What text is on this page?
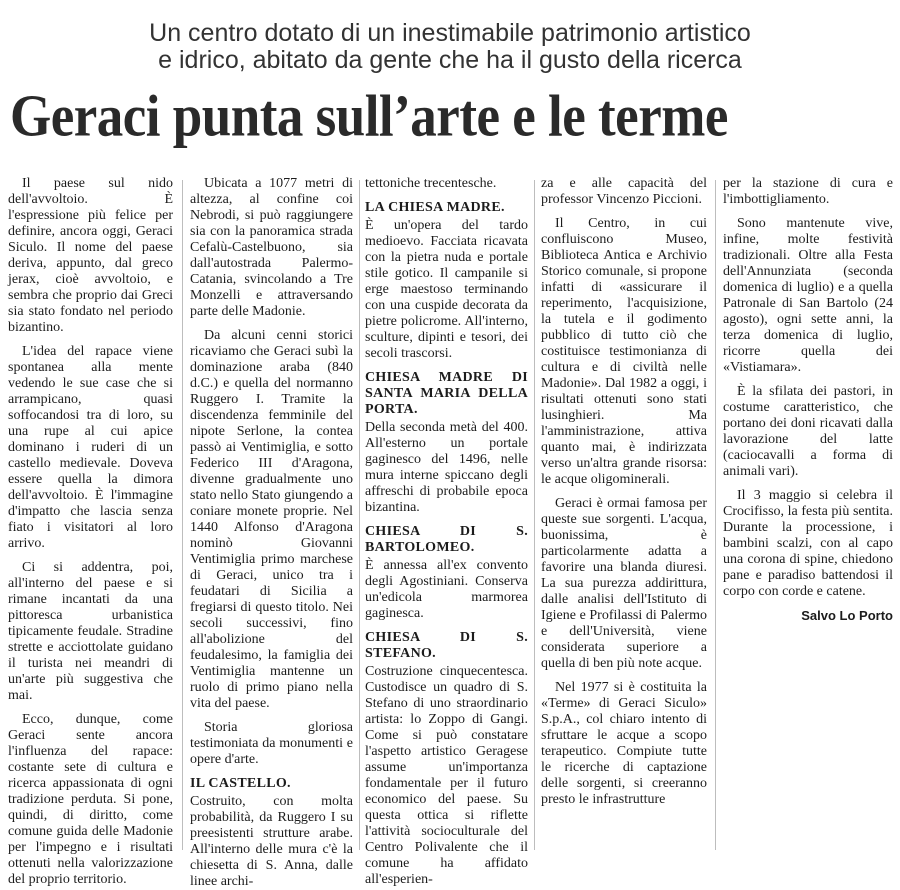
Un centro dotato di un inestimabile patrimonio artistico
e idrico, abitato da gente che ha il gusto della ricerca
Geraci punta sull’arte e le terme

Il paese sul nido dell'avvoltoio. È l'espressione più felice per definire, ancora oggi, Geraci Siculo. Il nome del paese deriva, appunto, dal greco jerax, cioè avvoltoio, e sembra che proprio dai Greci sia stato fondato nel periodo bizantino.

L'idea del rapace viene spontanea alla mente vedendo le sue case che si arrampicano, quasi soffocandosi tra di loro, su una rupe al cui apice dominano i ruderi di un castello medievale. Doveva essere quella la dimora dell'avvoltoio. È l'immagine d'impatto che lascia senza fiato i visitatori al loro arrivo.

Ci si addentra, poi, all'interno del paese e si rimane incantati da una pittoresca urbanistica tipicamente feudale. Stradine strette e acciottolate guidano il turista nei meandri di un'arte più suggestiva che mai.

Ecco, dunque, come Geraci sente ancora l'influenza del rapace: costante sete di cultura e ricerca appassionata di ogni tradizione perduta. Si pone, quindi, di diritto, come comune guida delle Madonie per l'impegno e i risultati ottenuti nella valorizzazione del proprio territorio.

Ubicata a 1077 metri di altezza, al confine coi Nebrodi, si può raggiungere sia con la panoramica strada Cefalù-Castelbuono, sia dall'autostrada Palermo-Catania, svincolando a Tre Monzelli e attraversando parte delle Madonie.

Da alcuni cenni storici ricaviamo che Geraci subì la dominazione araba (840 d.C.) e quella del normanno Ruggero I. Tramite la discendenza femminile del nipote Serlone, la contea passò ai Ventimiglia, e sotto Federico III d'Aragona, divenne gradualmente uno stato nello Stato giungendo a coniare monete proprie. Nel 1440 Alfonso d'Aragona nominò Giovanni Ventimiglia primo marchese di Geraci, unico tra i feudatari di Sicilia a fregiarsi di questo titolo. Nei secoli successivi, fino all'abolizione del feudalesimo, la famiglia dei Ventimiglia mantenne un ruolo di primo piano nella vita del paese.

Storia gloriosa testimoniata da monumenti e opere d'arte.

IL CASTELLO.

Costruito, con molta probabilità, da Ruggero I su preesistenti strutture arabe. All'interno delle mura c'è la chiesetta di S. Anna, dalle linee archi-

tettoniche trecentesche.

LA CHIESA MADRE.

È un'opera del tardo medioevo. Facciata ricavata con la pietra nuda e portale stile gotico. Il campanile si erge maestoso terminando con una cuspide decorata da pietre policrome. All'interno, sculture, dipinti e tesori, dei secoli trascorsi.

CHIESA MADRE DI SANTA MARIA DELLA PORTA.

Della seconda metà del 400. All'esterno un portale gaginesco del 1496, nelle mura interne spiccano degli affreschi di probabile epoca bizantina.

CHIESA DI S. BARTOLOMEO.

È annessa all'ex convento degli Agostiniani. Conserva un'edicola marmorea gaginesca.

CHIESA DI S. STEFANO.

Costruzione cinquecentesca. Custodisce un quadro di S. Stefano di uno straordinario artista: lo Zoppo di Gangi. Come si può constatare l'aspetto artistico Geragese assume un'importanza fondamentale per il futuro economico del paese. Su questa ottica si riflette l'attività socioculturale del Centro Polivalente che il comune ha affidato all'esperien-

za e alle capacità del professor Vincenzo Piccioni.

Il Centro, in cui confluiscono Museo, Biblioteca Antica e Archivio Storico comunale, si propone infatti di «assicurare il reperimento, l'acquisizione, la tutela e il godimento pubblico di tutto ciò che costituisce testimonianza di cultura e di civiltà nelle Madonie». Dal 1982 a oggi, i risultati ottenuti sono stati lusinghieri. Ma l'amministrazione, attiva quanto mai, è indirizzata verso un'altra grande risorsa: le acque oligominerali.

Geraci è ormai famosa per queste sue sorgenti. L'acqua, buonissima, è particolarmente adatta a favorire una blanda diuresi. La sua purezza addirittura, dalle analisi dell'Istituto di Igiene e Profilassi di Palermo e dell'Università, viene considerata superiore a quella di ben più note acque.

Nel 1977 si è costituita la «Terme» di Geraci Siculo» S.p.A., col chiaro intento di sfruttare le acque a scopo terapeutico. Compiute tutte le ricerche di captazione delle sorgenti, si creeranno presto le infrastrutture

per la stazione di cura e l'imbottigliamento.

Sono mantenute vive, infine, molte festività tradizionali. Oltre alla Festa dell'Annunziata (seconda domenica di luglio) e a quella Patronale di San Bartolo (24 agosto), ogni sette anni, la terza domenica di luglio, ricorre quella dei «Vistiamara».

È la sfilata dei pastori, in costume caratteristico, che portano dei doni ricavati dalla lavorazione del latte (caciocavalli a forma di animali vari).

Il 3 maggio si celebra il Crocifisso, la festa più sentita. Durante la processione, i bambini scalzi, con al capo una corona di spine, chiedono pane e paradiso battendosi il corpo con corde e catene.

Salvo Lo Porto
